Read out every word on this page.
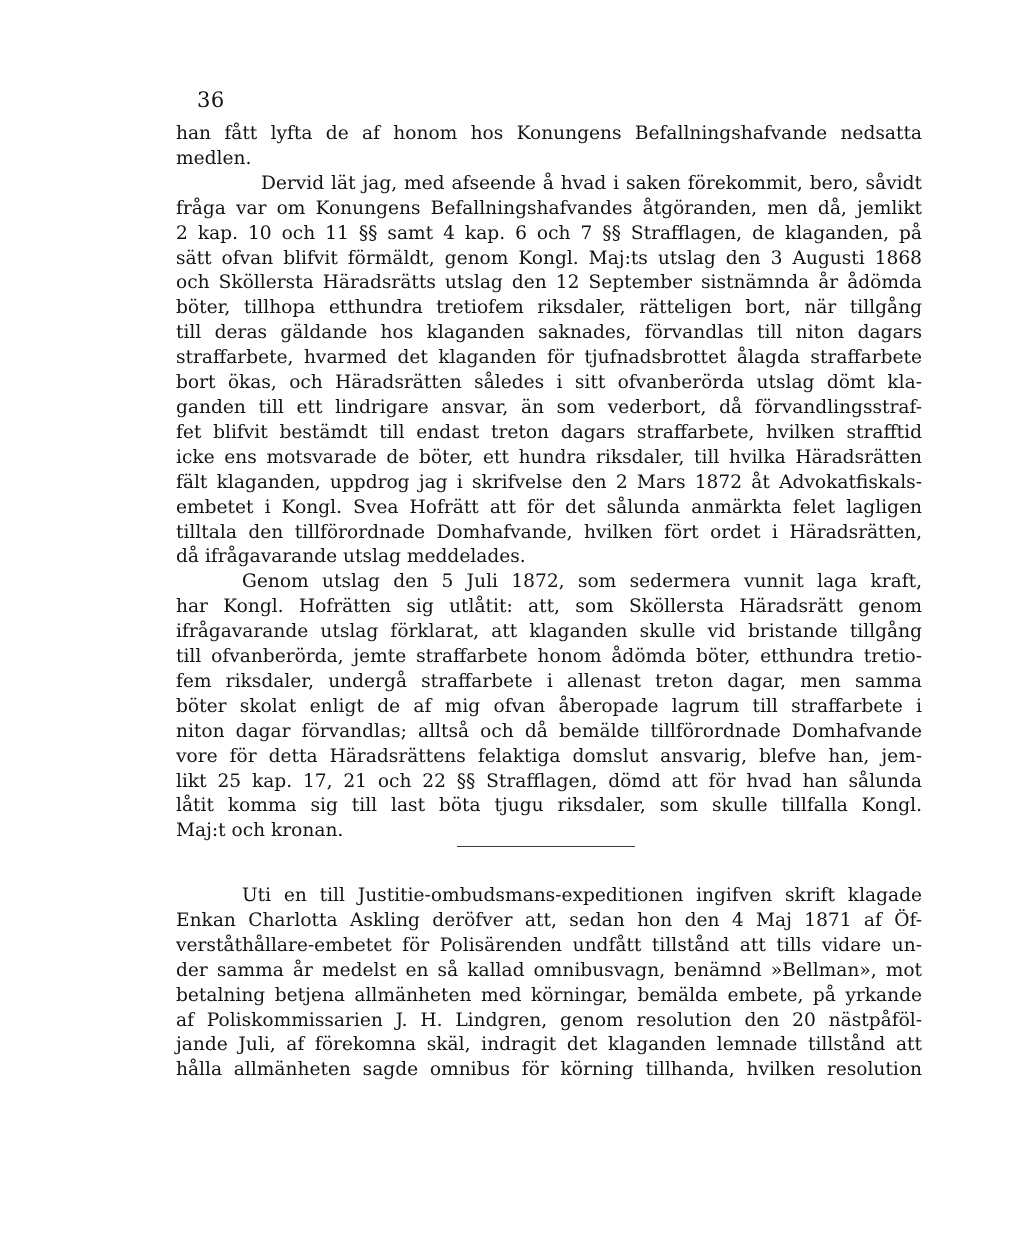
36
han fått lyfta de af honom hos Konungens Befallningshafvande nedsatta
medlen.
Dervid lät jag, med afseende å hvad i saken förekommit, bero, såvidt
fråga var om Konungens Befallningshafvandes åtgöranden, men då, jemlikt
2 kap. 10 och 11 §§ samt 4 kap. 6 och 7 §§ Strafflagen, de klaganden, på
sätt ofvan blifvit förmäldt, genom Kongl. Maj:ts utslag den 3 Augusti 1868
och Sköllersta Häradsrätts utslag den 12 September sistnämnda år ådömda
böter, tillhopa etthundra tretiofem riksdaler, rätteligen bort, när tillgång
till deras gäldande hos klaganden saknades, förvandlas till niton dagars
straffarbete, hvarmed det klaganden för tjufnadsbrottet ålagda straffarbete
bort ökas, och Häradsrätten således i sitt ofvanberörda utslag dömt kla-
ganden till ett lindrigare ansvar, än som vederbort, då förvandlingsstraf-
fet blifvit bestämdt till endast treton dagars straffarbete, hvilken strafftid
icke ens motsvarade de böter, ett hundra riksdaler, till hvilka Häradsrätten
fält klaganden, uppdrog jag i skrifvelse den 2 Mars 1872 åt Advokatfiskals-
embetet i Kongl. Svea Hofrätt att för det sålunda anmärkta felet lagligen
tilltala den tillförordnade Domhafvande, hvilken fört ordet i Häradsrätten,
då ifrågavarande utslag meddelades.
Genom utslag den 5 Juli 1872, som sedermera vunnit laga kraft,
har Kongl. Hofrätten sig utlåtit: att, som Sköllersta Häradsrätt genom
ifrågavarande utslag förklarat, att klaganden skulle vid bristande tillgång
till ofvanberörda, jemte straffarbete honom ådömda böter, etthundra tretio-
fem riksdaler, undergå straffarbete i allenast treton dagar, men samma
böter skolat enligt de af mig ofvan åberopade lagrum till straffarbete i
niton dagar förvandlas; alltså och då bemälde tillförordnade Domhafvande
vore för detta Häradsrättens felaktiga domslut ansvarig, blefve han, jem-
likt 25 kap. 17, 21 och 22 §§ Strafflagen, dömd att för hvad han sålunda
låtit komma sig till last böta tjugu riksdaler, som skulle tillfalla Kongl.
Maj:t och kronan.
Uti en till Justitie-ombudsmans-expeditionen ingifven skrift klagade
Enkan Charlotta Askling deröfver att, sedan hon den 4 Maj 1871 af Öf-
verståthållare-embetet för Polisärenden undfått tillstånd att tills vidare un-
der samma år medelst en så kallad omnibusvagn, benämnd »Bellman», mot
betalning betjena allmänheten med körningar, bemälda embete, på yrkande
af Poliskommissarien J. H. Lindgren, genom resolution den 20 nästpåföl-
jande Juli, af förekomna skäl, indragit det klaganden lemnade tillstånd att
hålla allmänheten sagde omnibus för körning tillhanda, hvilken resolution
